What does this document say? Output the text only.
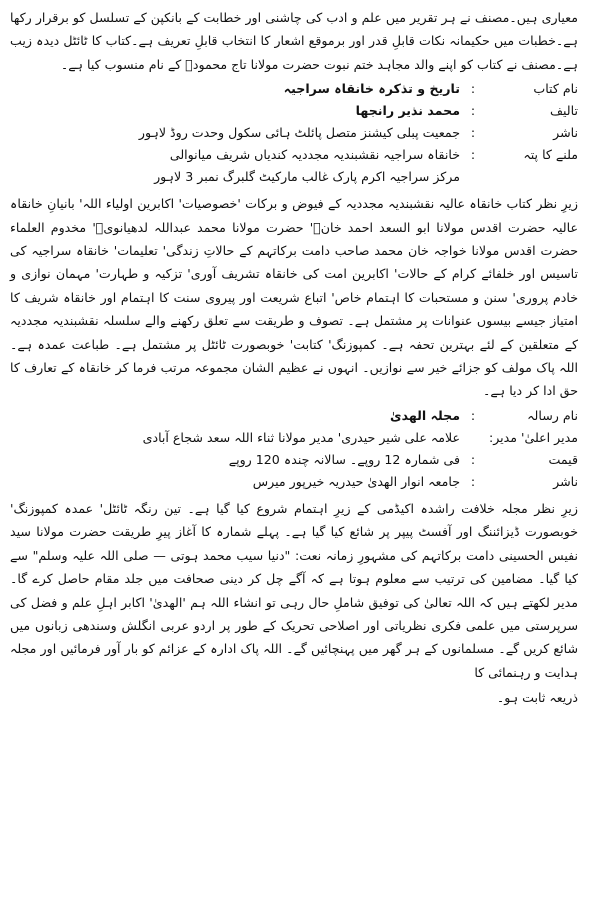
معیاری ہیں۔مصنف نے ہر تقریر میں علم و ادب کی چاشنی اور خطابت کے بانکپن کے تسلسل کو برقرار رکھا ہے۔خطبات میں حکیمانہ نکات قابلِ قدر اور برموقع اشعار کا انتخاب قابلِ تعریف ہے۔کتاب کا ٹائٹل دیدہ زیب ہے۔مصنف نے کتاب کو اپنے والد مجاہد ختم نبوت حضرت مولانا تاج محمودؒ کے نام منسوب کیا ہے۔

نام کتاب
:
تاریخ و تذکرہ خانقاہ سراجیہ
تالیف
:
محمد نذیر رانجھا
ناشر
:
جمعیت پبلی کیشنز متصل پائلٹ ہائی سکول وحدت روڈ لاہور
ملنے کا پتہ
:
خانقاہ سراجیہ نقشبندیہ مجددیہ کندیاں شریف میانوالی
مرکز سراجیہ اکرم پارک غالب مارکیٹ گلبرگ نمبر 3 لاہور

زیرِ نظر کتاب خانقاہ عالیہ نقشبندیہ مجددیہ کے فیوض و برکات 'خصوصیات' اکابرین اولیاء اللہ' بانیانِ خانقاہ عالیہ حضرت اقدس مولانا ابو السعد احمد خانؒ' حضرت مولانا محمد عبداللہ لدھیانویؒ' مخدوم العلماء حضرت اقدس مولانا خواجہ خان محمد صاحب دامت برکاتہم کے حالاتِ زندگی' تعلیمات' خانقاہ سراجیہ کی تاسیس اور خلفائے کرام کے حالات' اکابرین امت کی خانقاہ تشریف آوری' تزکیہ و طہارت' مہمان نوازی و خادم پروری' سنن و مستحبات کا اہتمام خاص' اتباع شریعت اور پیروی سنت کا اہتمام اور خانقاہ شریف کا امتیاز جیسے بیسوں عنوانات پر مشتمل ہے۔ تصوف و طریقت سے تعلق رکھنے والے سلسلہ نقشبندیہ مجددیہ کے متعلقین کے لئے بہترین تحفہ ہے۔ کمپوزنگ' کتابت' خوبصورت ٹائٹل پر مشتمل ہے۔ طباعت عمدہ ہے۔ اللہ پاک مولف کو جزائے خیر سے نوازیں۔ انہوں نے عظیم الشان مجموعہ مرتب فرما کر خانقاہ کے تعارف کا حق ادا کر دیا ہے۔

نام رسالہ
:
مجلہ الھدیٰ
مدیر اعلیٰ' مدیر:
علامہ علی شیر حیدری' مدیر مولانا ثناء اللہ سعد شجاع آبادی
قیمت
:
فی شمارہ 12 روپے۔ سالانہ چندہ 120 روپے
ناشر
:
جامعہ انوار الھدیٰ حیدریہ خیرپور میرس

زیرِ نظر مجلہ خلافت راشدہ اکیڈمی کے زیرِ اہتمام شروع کیا گیا ہے۔ تین رنگہ ٹائٹل' عمدہ کمپوزنگ' خوبصورت ڈیزائننگ اور آفسٹ پیپر پر شائع کیا گیا ہے۔ پہلے شمارہ کا آغاز پیرِ طریقت حضرت مولانا سید نفیس الحسینی دامت برکاتہم کی مشہورِ زمانہ نعت: "دنیا سیب محمد ہوتی — صلی اللہ علیہ وسلم" سے کیا گیا۔ مضامین کی ترتیب سے معلوم ہوتا ہے کہ آگے چل کر دینی صحافت میں جلد مقام حاصل کرے گا۔ مدیر لکھتے ہیں کہ اللہ تعالیٰ کی توفیق شاملِ حال رہی تو انشاء اللہ ہم 'الھدیٰ' اکابر اہلِ علم و فضل کی سرپرستی میں علمی فکری نظریاتی اور اصلاحی تحریک کے طور پر اردو عربی انگلش وسندھی زبانوں میں شائع کریں گے۔ مسلمانوں کے ہر گھر میں پہنچائیں گے۔ اللہ پاک ادارہ کے عزائم کو بار آور فرمائیں اور مجلہ ہدایت و رہنمائی کا

ذریعہ ثابت ہو۔
